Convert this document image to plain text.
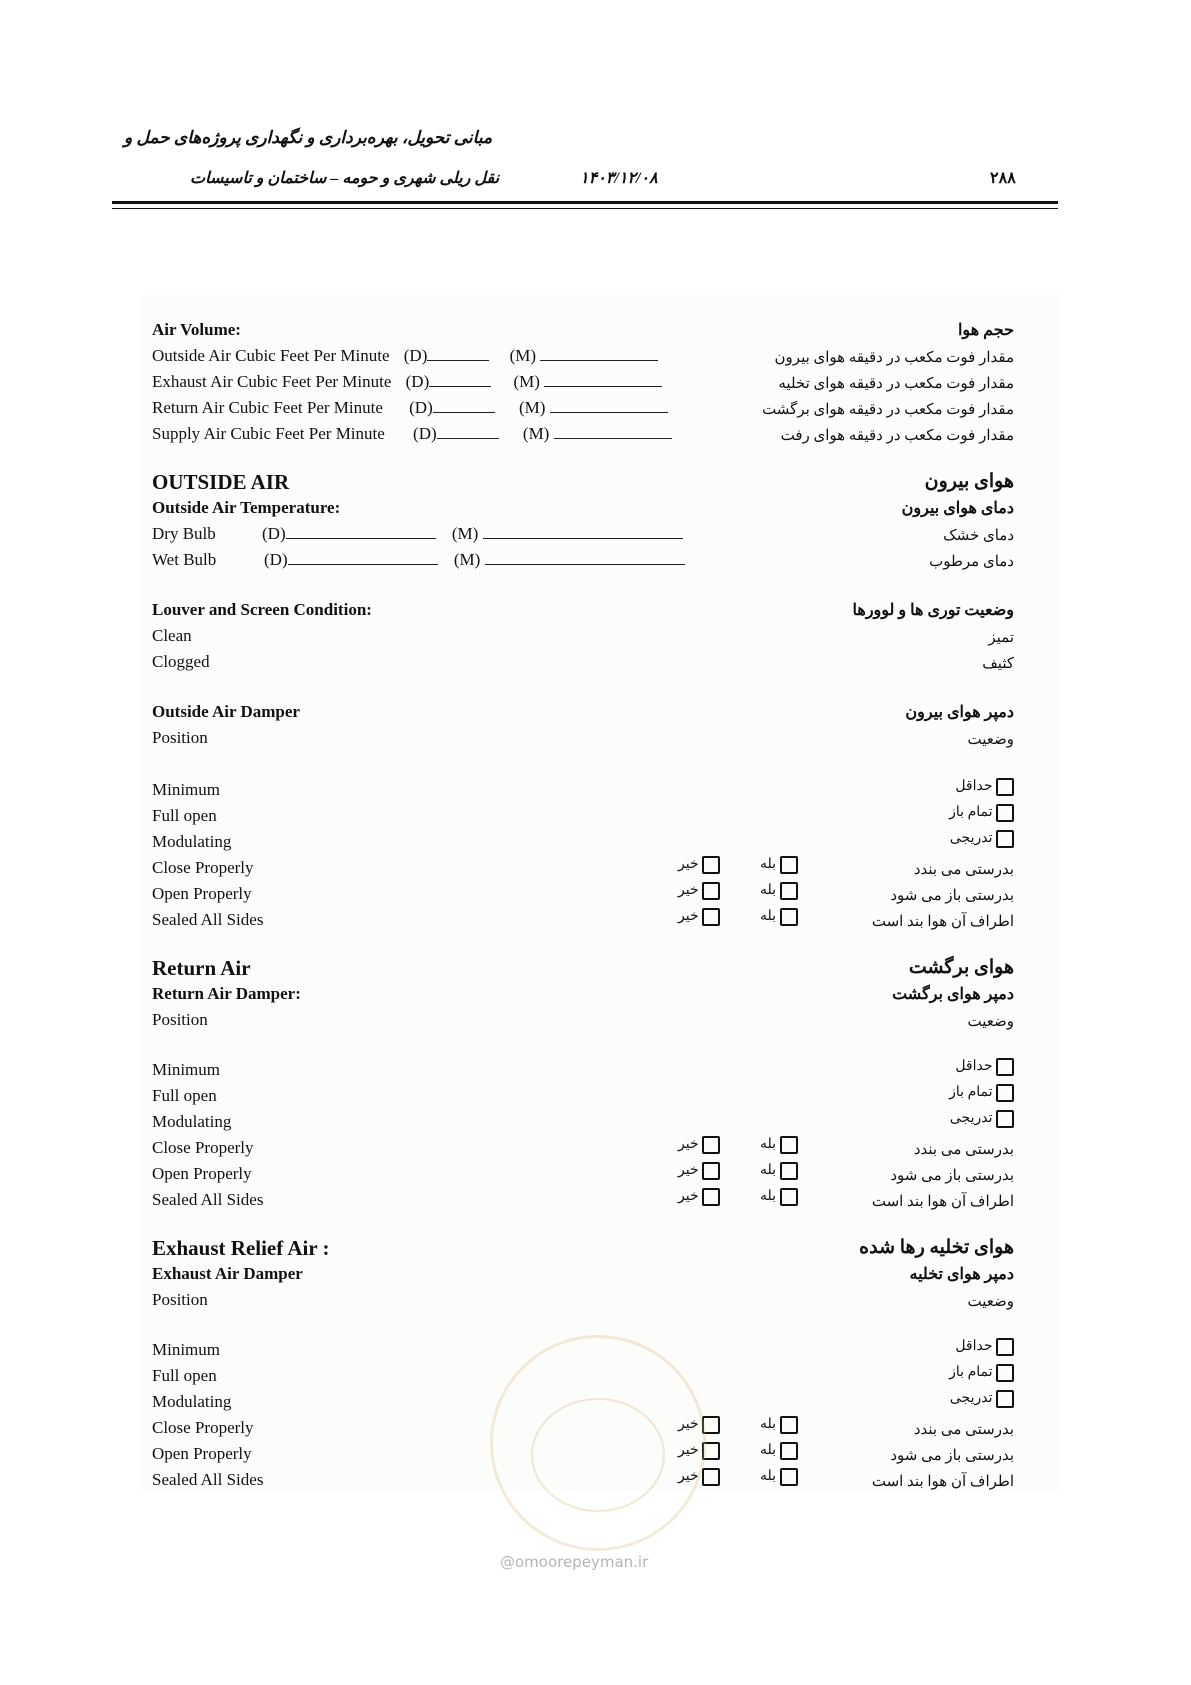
مبانی تحویل، بهره‌برداری و نگهداری پروژه‌های حمل و
نقل ریلی شهری و حومه – ساختمان و تاسیسات	۱۴۰۳/۱۲/۰۸	۲۸۸
Air Volume:	حجم هوا
Outside Air Cubic Feet Per Minute (D)	(M)	مقدار فوت مکعب در دقیقه هوای بیرون
Exhaust Air Cubic Feet Per Minute (D)	(M)	مقدار فوت مکعب در دقیقه هوای تخلیه
Return Air Cubic Feet Per Minute (D)	(M)	مقدار فوت مکعب در دقیقه هوای برگشت
Supply Air Cubic Feet Per Minute (D)	(M)	مقدار فوت مکعب در دقیقه هوای رفت
OUTSIDE AIR	هوای بیرون
Outside Air Temperature:	دمای هوای بیرون
Dry Bulb	(D)	(M)	دمای خشک
Wet Bulb	(D)	(M)	دمای مرطوب
Louver and Screen Condition:	وضعیت توری ها و لوورها
Clean	تمیز
Clogged	کثیف
Outside Air Damper	دمپر هوای بیرون
Position	وضعیت
Minimum	حداقل
Full open	تمام باز
Modulating	تدریجی
Close Properly	خیر	بله	بدرستی می بندد
Open Properly	خیر	بله	بدرستی باز می شود
Sealed All Sides	خیر	بله	اطراف آن هوا بند است
Return Air	هوای برگشت
Return Air Damper:	دمپر هوای برگشت
Position	وضعیت
Minimum	حداقل
Full open	تمام باز
Modulating	تدریجی
Close Properly	خیر	بله	بدرستی می بندد
Open Properly	خیر	بله	بدرستی باز می شود
Sealed All Sides	خیر	بله	اطراف آن هوا بند است
Exhaust Relief Air :	هوای تخلیه رها شده
Exhaust Air Damper	دمپر هوای تخلیه
Position	وضعیت
Minimum	حداقل
Full open	تمام باز
Modulating	تدریجی
Close Properly	خیر	بله	بدرستی می بندد
Open Properly	خیر	بله	بدرستی باز می شود
Sealed All Sides	خیر	بله	اطراف آن هوا بند است
@omoorepeyman.ir
